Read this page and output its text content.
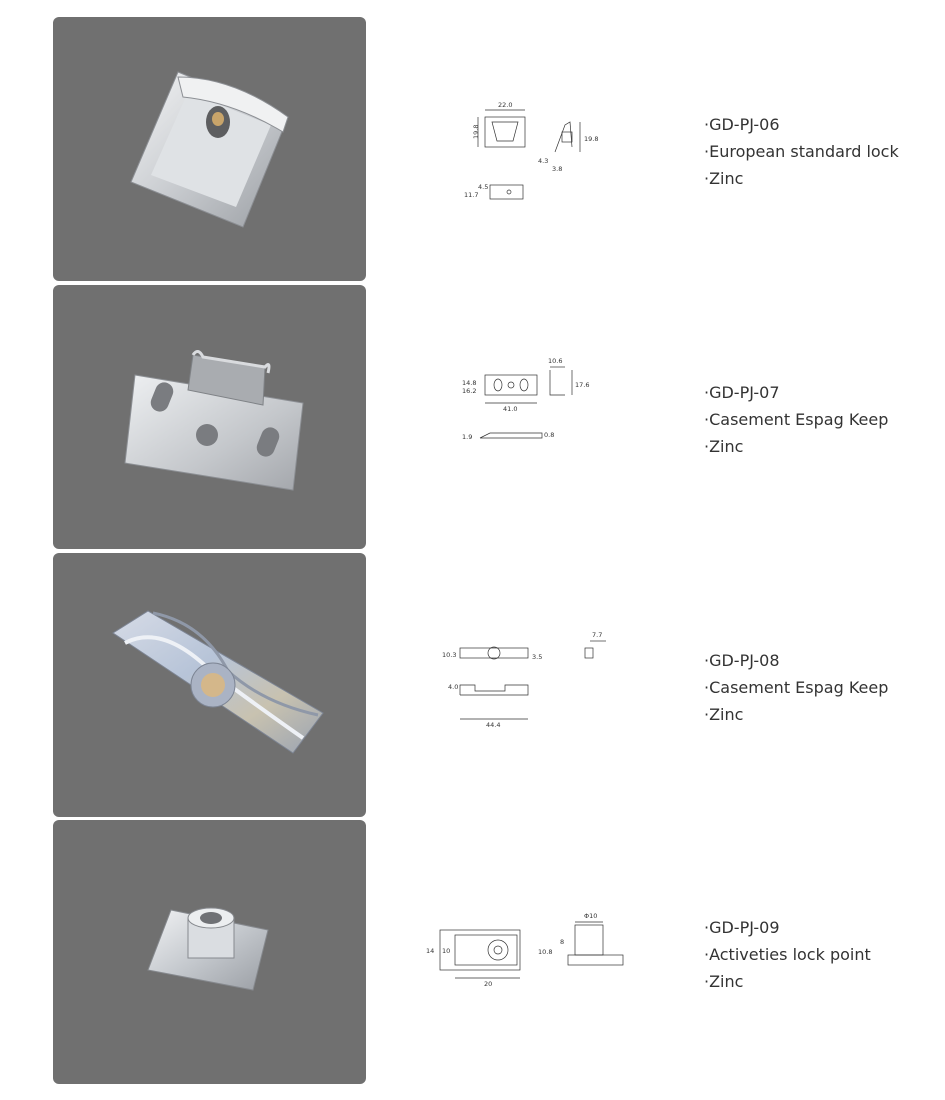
22.0
19.8	19.8
4.3
3.8
11.7
4.5

·GD-PJ-06

·European standard lock

·Zinc

41.0
16.2
14.8
10.6
17.6
1.9	0.8

·GD-PJ-07

·Casement Espag Keep

·Zinc

10.3	3.5
7.7
4.0
44.4

·GD-PJ-08

·Casement Espag Keep

·Zinc

14 10
20
Φ10
10.8
8

·GD-PJ-09

·Activeties lock point

·Zinc
